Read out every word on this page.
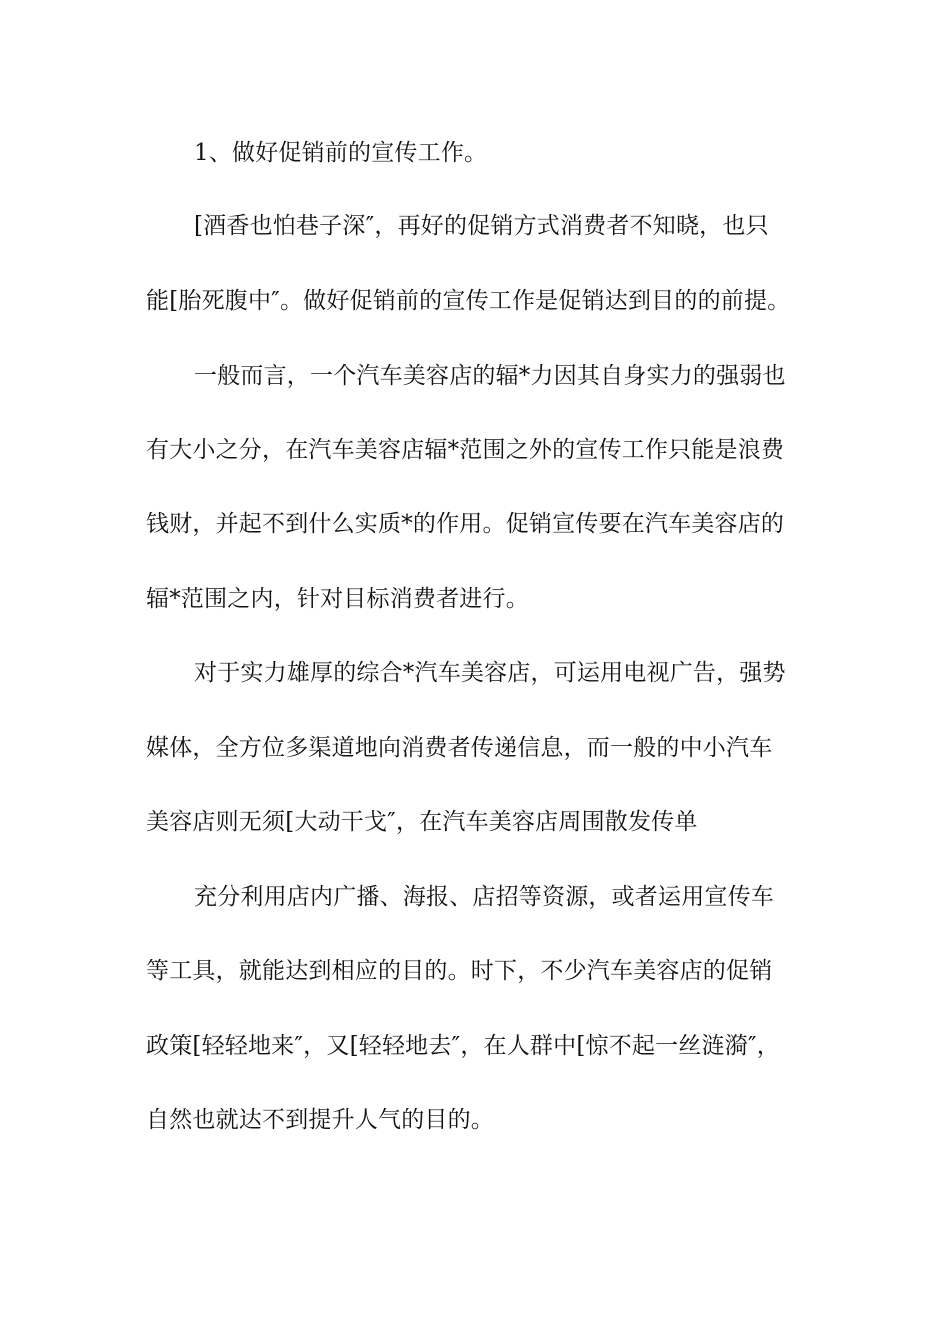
1、做好促销前的宣传工作。

[酒香也怕巷子深″，再好的促销方式消费者不知晓，也只

能[胎死腹中″。做好促销前的宣传工作是促销达到目的的前提。

一般而言，一个汽车美容店的辐*力因其自身实力的强弱也

有大小之分，在汽车美容店辐*范围之外的宣传工作只能是浪费

钱财，并起不到什么实质*的作用。促销宣传要在汽车美容店的

辐*范围之内，针对目标消费者进行。

对于实力雄厚的综合*汽车美容店，可运用电视广告，强势

媒体，全方位多渠道地向消费者传递信息，而一般的中小汽车

美容店则无须[大动干戈″，在汽车美容店周围散发传单

充分利用店内广播、海报、店招等资源，或者运用宣传车

等工具，就能达到相应的目的。时下，不少汽车美容店的促销

政策[轻轻地来″，又[轻轻地去″，在人群中[惊不起一丝涟漪″，

自然也就达不到提升人气的目的。
